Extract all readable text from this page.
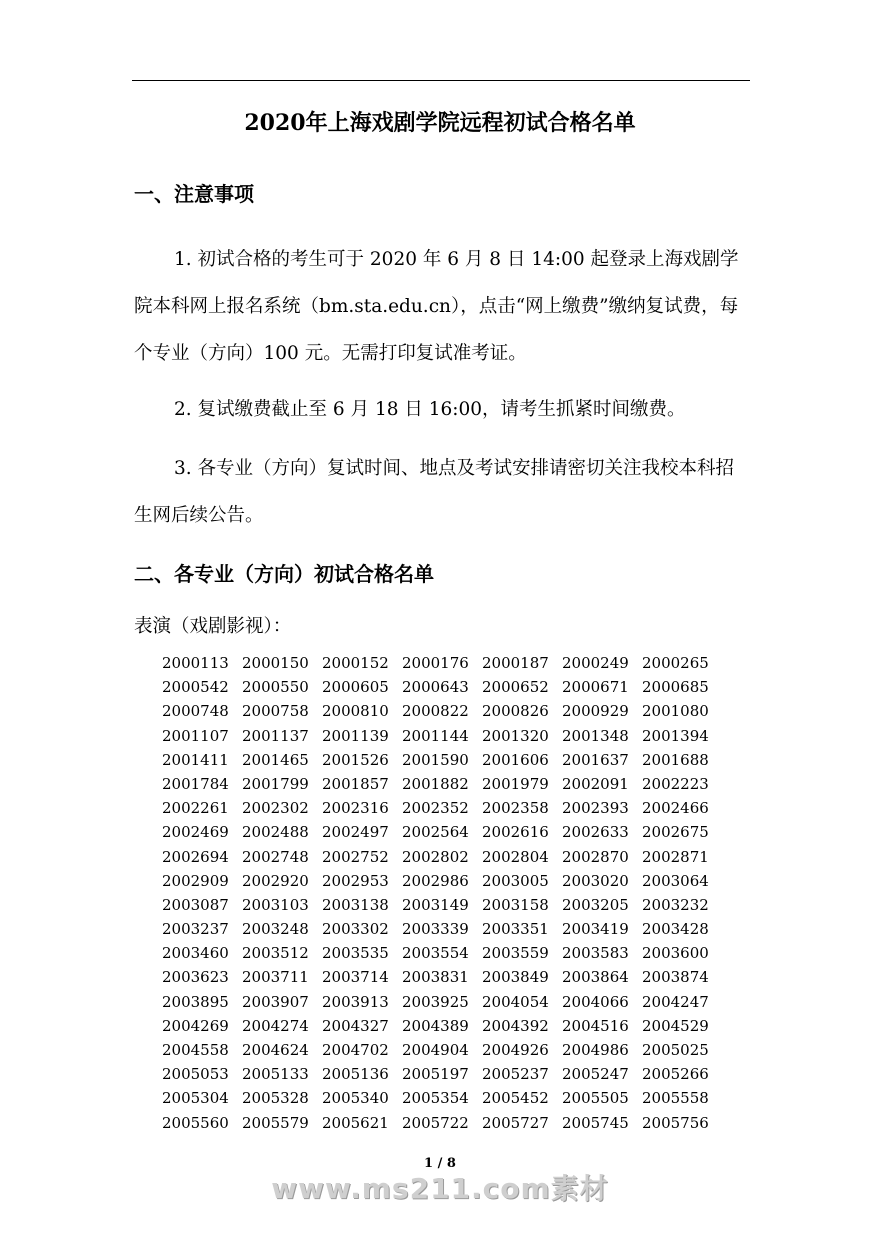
2020年上海戏剧学院远程初试合格名单
一、注意事项
1. 初试合格的考生可于 2020 年 6 月 8 日 14:00 起登录上海戏剧学院本科网上报名系统（bm.sta.edu.cn），点击“网上缴费”缴纳复试费，每个专业（方向）100 元。无需打印复试准考证。
2. 复试缴费截止至 6 月 18 日 16:00，请考生抓紧时间缴费。
3. 各专业（方向）复试时间、地点及考试安排请密切关注我校本科招生网后续公告。
二、各专业（方向）初试合格名单
表演（戏剧影视）：
2000113 2000150 2000152 2000176 2000187 2000249 2000265
2000542 2000550 2000605 2000643 2000652 2000671 2000685
2000748 2000758 2000810 2000822 2000826 2000929 2001080
2001107 2001137 2001139 2001144 2001320 2001348 2001394
2001411 2001465 2001526 2001590 2001606 2001637 2001688
2001784 2001799 2001857 2001882 2001979 2002091 2002223
2002261 2002302 2002316 2002352 2002358 2002393 2002466
2002469 2002488 2002497 2002564 2002616 2002633 2002675
2002694 2002748 2002752 2002802 2002804 2002870 2002871
2002909 2002920 2002953 2002986 2003005 2003020 2003064
2003087 2003103 2003138 2003149 2003158 2003205 2003232
2003237 2003248 2003302 2003339 2003351 2003419 2003428
2003460 2003512 2003535 2003554 2003559 2003583 2003600
2003623 2003711 2003714 2003831 2003849 2003864 2003874
2003895 2003907 2003913 2003925 2004054 2004066 2004247
2004269 2004274 2004327 2004389 2004392 2004516 2004529
2004558 2004624 2004702 2004904 2004926 2004986 2005025
2005053 2005133 2005136 2005197 2005237 2005247 2005266
2005304 2005328 2005340 2005354 2005452 2005505 2005558
2005560 2005579 2005621 2005722 2005727 2005745 2005756
1 / 8
www.ms211.com素材
